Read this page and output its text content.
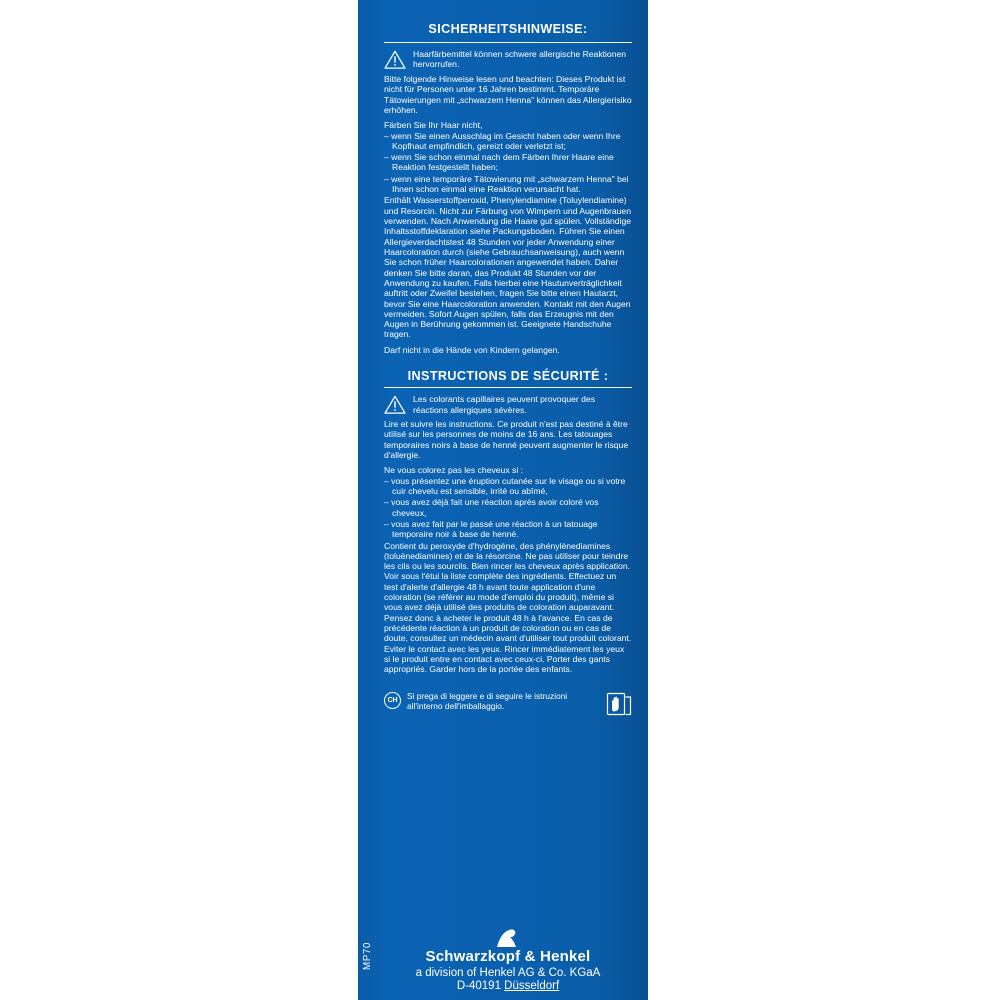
MP70
SICHERHEITSHINWEISE:
Haarfärbemittel können schwere allergische Reaktionen hervorrufen.

Bitte folgende Hinweise lesen und beachten: Dieses Produkt ist nicht für Personen unter 16 Jahren bestimmt. Temporäre Tätowierungen mit „schwarzem Henna" können das Allergierisiko erhöhen.

Färben Sie Ihr Haar nicht,

– wenn Sie einen Ausschlag im Gesicht haben oder wenn Ihre Kopfhaut empfindlich, gereizt oder verletzt ist;
– wenn Sie schon einmal nach dem Färben Ihrer Haare eine Reaktion festgestellt haben;
– wenn eine temporäre Tätowierung mit „schwarzem Henna" bei Ihnen schon einmal eine Reaktion verursacht hat.

Enthält Wasserstoffperoxid, Phenylendiamine (Toluylendiamine) und Resorcin. Nicht zur Färbung von Wimpern und Augenbrauen verwenden. Nach Anwendung die Haare gut spülen. Vollständige Inhaltsstoffdeklaration siehe Packungsboden. Führen Sie einen Allergieverdachtstest 48 Stunden vor jeder Anwendung einer Haarcoloration durch (siehe Gebrauchsanweisung), auch wenn Sie schon früher Haarcolorationen angewendet haben. Daher denken Sie bitte daran, das Produkt 48 Stunden vor der Anwendung zu kaufen. Falls hierbei eine Hautunverträglichkeit auftritt oder Zweifel bestehen, fragen Sie bitte einen Hautarzt, bevor Sie eine Haarcoloration anwenden. Kontakt mit den Augen vermeiden. Sofort Augen spülen, falls das Erzeugnis mit den Augen in Berührung gekommen ist. Geeignete Handschuhe tragen.

Darf nicht in die Hände von Kindern gelangen.

INSTRUCTIONS DE SÉCURITÉ :
Les colorants capillaires peuvent provoquer des réactions allergiques sévères.

Lire et suivre les instructions. Ce produit n'est pas destiné à être utilisé sur les personnes de moins de 16 ans. Les tatouages temporaires noirs à base de henné peuvent augmenter le risque d'allergie.

Ne vous colorez pas les cheveux si :

– vous présentez une éruption cutanée sur le visage ou si votre cuir chevelu est sensible, irrité ou abîmé,
– vous avez déjà fait une réaction après avoir coloré vos cheveux,
– vous avez fait par le passé une réaction à un tatouage temporaire noir à base de henné.

Contient du peroxyde d'hydrogène, des phénylènediamines (toluènediamines) et de la résorcine. Ne pas utiliser pour teindre les cils ou les sourcils. Bien rincer les cheveux après application. Voir sous l'étui la liste complète des ingrédients. Effectuez un test d'alerte d'allergie 48 h avant toute application d'une coloration (se référer au mode d'emploi du produit), même si vous avez déjà utilisé des produits de coloration auparavant. Pensez donc à acheter le produit 48 h à l'avance. En cas de précédente réaction à un produit de coloration ou en cas de doute, consultez un médecin avant d'utiliser tout produit colorant. Eviter le contact avec les yeux. Rincer immédiatement les yeux si le produit entre en contact avec ceux-ci. Porter des gants appropriés. Garder hors de la portée des enfants.

CH	Si prega di leggere e di seguire le istruzioni all'interno dell'imballaggio.
Schwarzkopf & Henkel
a division of Henkel AG & Co. KGaA
D-40191 Düsseldorf
